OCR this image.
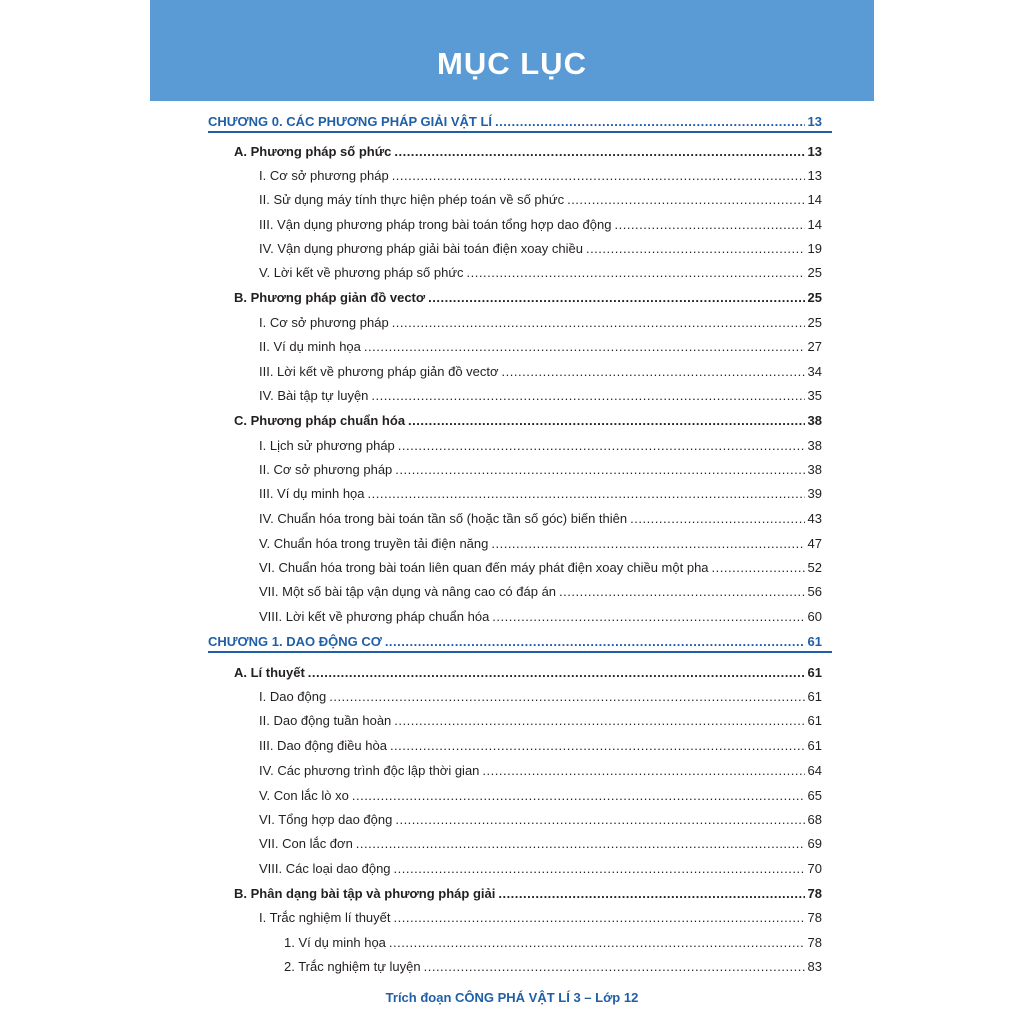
MỤC LỤC
Trích đoạn CÔNG PHÁ VẬT LÍ 3 – Lớp 12
CHƯƠNG 0. CÁC PHƯƠNG PHÁP GIẢI VẬT LÍ .....	13
A. Phương pháp số phức .....	13
I. Cơ sở phương pháp .....	13
II. Sử dụng máy tính thực hiện phép toán về số phức .....	14
III. Vận dụng phương pháp trong bài toán tổng hợp dao động .....	14
IV. Vận dụng phương pháp giải bài toán điện xoay chiều .....	19
V. Lời kết về phương pháp số phức .....	25
B. Phương pháp giản đồ vectơ .....	25
I. Cơ sở phương pháp .....	25
II. Ví dụ minh họa .....	27
III. Lời kết về phương pháp giản đồ vectơ .....	34
IV. Bài tập tự luyện .....	35
C. Phương pháp chuẩn hóa .....	38
I. Lịch sử phương pháp .....	38
II. Cơ sở phương pháp .....	38
III. Ví dụ minh họa .....	39
IV. Chuẩn hóa trong bài toán tần số (hoặc tần số góc) biến thiên .....	43
V. Chuẩn hóa trong truyền tải điện năng .....	47
VI. Chuẩn hóa trong bài toán liên quan đến máy phát điện xoay chiều một pha .....	52
VII. Một số bài tập vận dụng và nâng cao có đáp án .....	56
VIII. Lời kết về phương pháp chuẩn hóa .....	60
CHƯƠNG 1. DAO ĐỘNG CƠ .....	61
A. Lí thuyết .....	61
I. Dao động .....	61
II. Dao động tuần hoàn .....	61
III. Dao động điều hòa .....	61
IV. Các phương trình độc lập thời gian .....	64
V. Con lắc lò xo .....	65
VI. Tổng hợp dao động .....	68
VII. Con lắc đơn .....	69
VIII. Các loại dao động .....	70
B. Phân dạng bài tập và phương pháp giải .....	78
I. Trắc nghiệm lí thuyết .....	78
1. Ví dụ minh họa .....	78
2. Trắc nghiệm tự luyện .....	83
